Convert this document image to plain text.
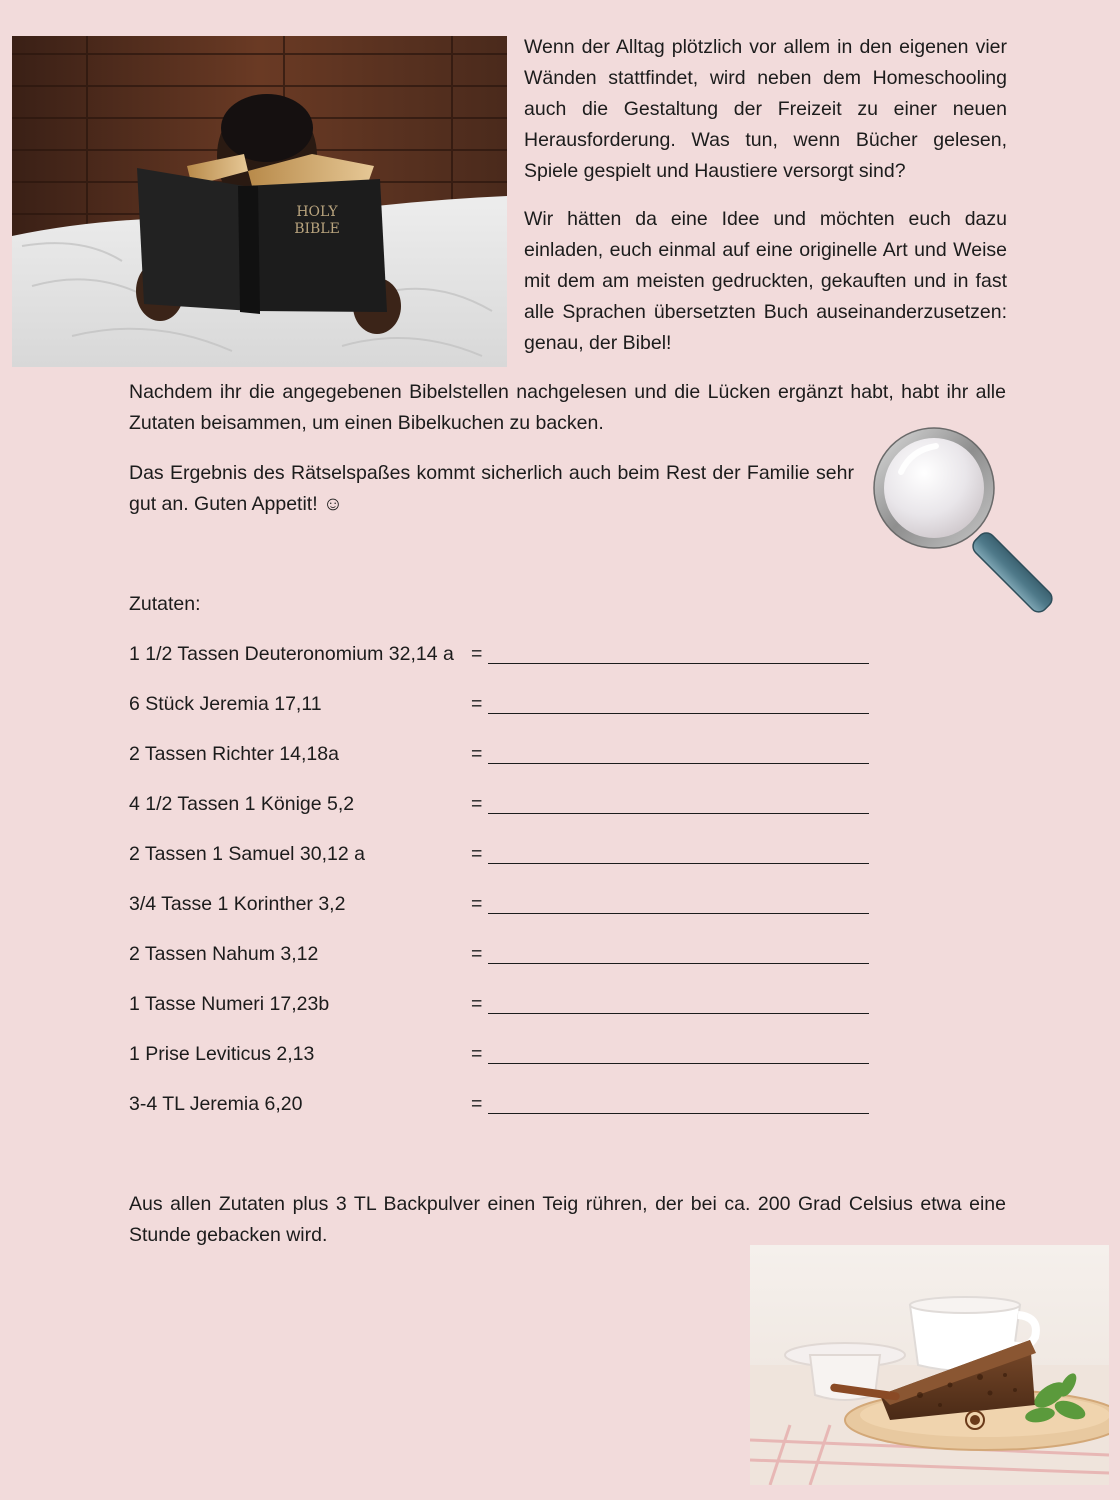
HOLY
BIBLE

Wenn der Alltag plötzlich vor allem in den eigenen vier Wänden stattfindet, wird neben dem Homeschooling auch die Gestaltung der Freizeit zu einer neuen Herausforderung. Was tun, wenn Bücher gelesen, Spiele gespielt und Haustiere versorgt sind?

Wir hätten da eine Idee und möchten euch dazu einladen, euch einmal auf eine originelle Art und Weise mit dem am meisten gedruckten, gekauften und in fast alle Sprachen übersetzten Buch auseinanderzusetzen: genau, der Bibel!

Nachdem ihr die angegebenen Bibelstellen nachgelesen und die Lücken ergänzt habt, habt ihr alle Zutaten beisammen, um einen Bibelkuchen zu backen.

Das Ergebnis des Rätselspaßes kommt sicherlich auch beim Rest der Familie sehr gut an. Guten Appetit! ☺

Zutaten:

1 1/2 Tassen Deuteronomium 32,14 a =
6 Stück Jeremia 17,11	=
2 Tassen Richter 14,18a	=
4 1/2 Tassen 1 Könige 5,2	=
2 Tassen 1 Samuel 30,12 a	=
3/4 Tasse 1 Korinther 3,2	=
2 Tassen Nahum 3,12	=
1 Tasse Numeri 17,23b	=
1 Prise Leviticus 2,13	=
3-4 TL Jeremia 6,20	=

Aus allen Zutaten plus 3 TL Backpulver einen Teig rühren, der bei ca. 200 Grad Celsius etwa eine Stunde gebacken wird.
